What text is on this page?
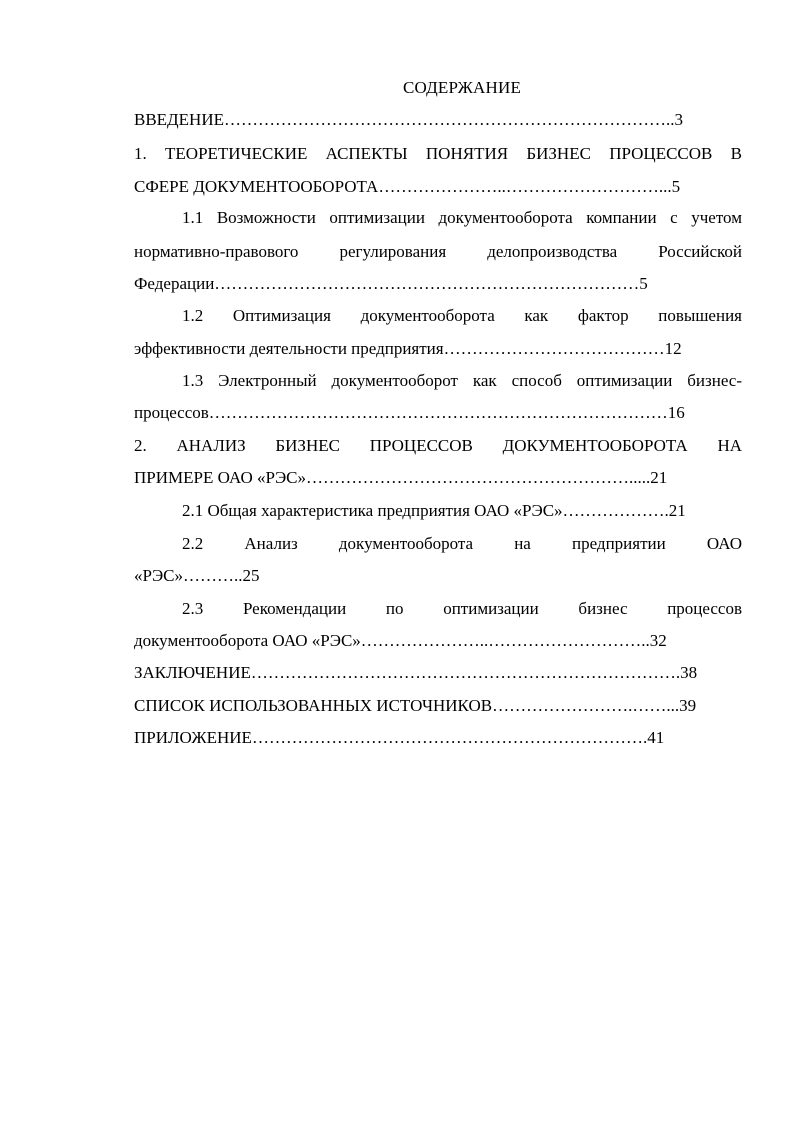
СОДЕРЖАНИЕ
ВВЕДЕНИЕ……………………………………………………………………..3
1. ТЕОРЕТИЧЕСКИЕ АСПЕКТЫ ПОНЯТИЯ БИЗНЕС ПРОЦЕССОВ В
СФЕРЕ ДОКУМЕНТООБОРОТА…………………..………………………...5
1.1 Возможности оптимизации документооборота компании с учетом
нормативно-правового регулирования делопроизводства Российской
Федерации…………………………………………………………………5
1.2 Оптимизация документооборота как фактор повышения
эффективности деятельности предприятия…………………………………12
1.3 Электронный документооборот как способ оптимизации бизнес-
процессов………………………………………………………………………16
2. АНАЛИЗ БИЗНЕС ПРОЦЕССОВ ДОКУМЕНТООБОРОТА НА
ПРИМЕРЕ ОАО «РЭС»………………………………………………….....21
2.1 Общая характеристика предприятия ОАО «РЭС»……………….21
2.2 Анализ документооборота на предприятии ОАО
«РЭС»………..25
2.3 Рекомендации по оптимизации бизнес процессов
документооборота ОАО «РЭС»…………………..………………………..32
ЗАКЛЮЧЕНИЕ………………………………………………………………….38
СПИСОК ИСПОЛЬЗОВАННЫХ ИСТОЧНИКОВ…………………….……...39
ПРИЛОЖЕНИЕ…………………………………………………………….41
